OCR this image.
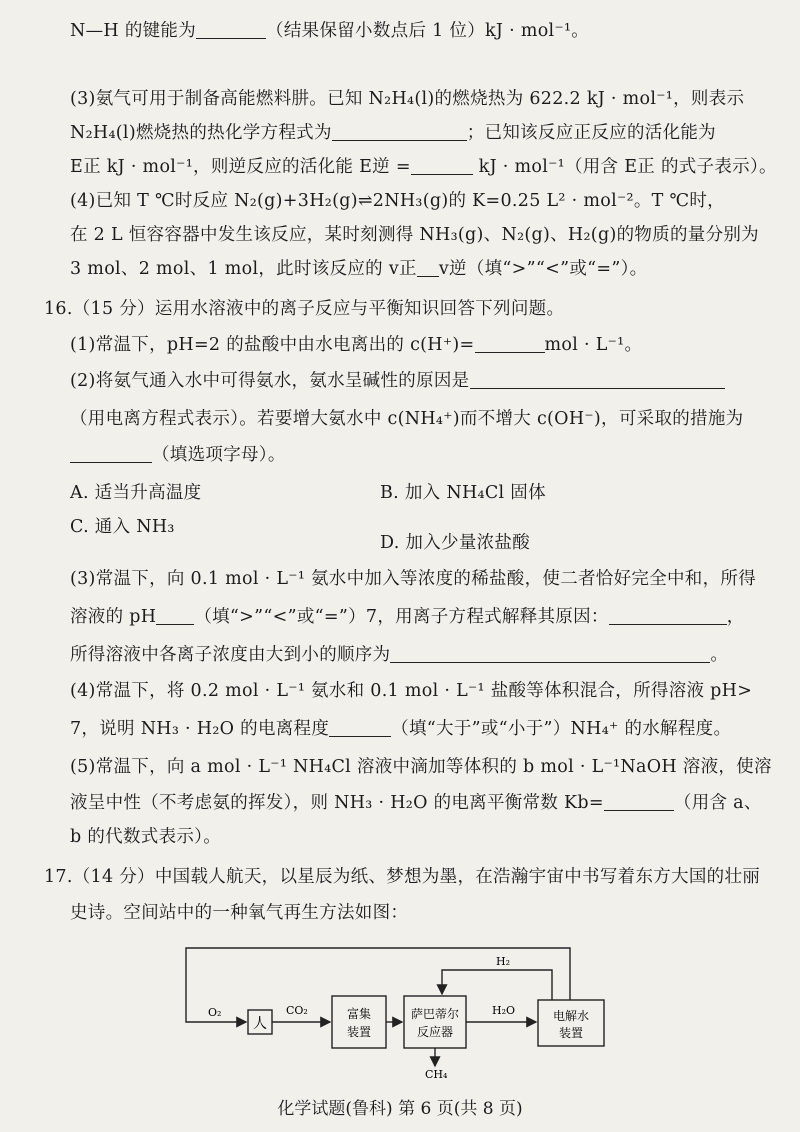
N—H 的键能为	（结果保留小数点后 1 位）kJ · mol⁻¹。
(3)氨气可用于制备高能燃料肼。已知 N₂H₄(l)的燃烧热为 622.2 kJ · mol⁻¹，则表示
N₂H₄(l)燃烧热的热化学方程式为	；已知该反应正反应的活化能为
E正 kJ · mol⁻¹，则逆反应的活化能 E逆 =	kJ · mol⁻¹（用含 E正 的式子表示）。
(4)已知 T ℃时反应 N₂(g)+3H₂(g)⇌2NH₃(g)的 K=0.25 L² · mol⁻²。T ℃时，
在 2 L 恒容容器中发生该反应，某时刻测得 NH₃(g)、N₂(g)、H₂(g)的物质的量分别为
3 mol、2 mol、1 mol，此时该反应的 v正 v逆（填“>”“<”或“=”）。
16.（15 分）运用水溶液中的离子反应与平衡知识回答下列问题。
(1)常温下，pH=2 的盐酸中由水电离出的 c(H⁺)=	mol · L⁻¹。
(2)将氨气通入水中可得氨水，氨水呈碱性的原因是
（用电离方程式表示）。若要增大氨水中 c(NH₄⁺)而不增大 c(OH⁻)，可采取的措施为
（填选项字母）。
A. 适当升高温度	B. 加入 NH₄Cl 固体
C. 通入 NH₃
D. 加入少量浓盐酸
(3)常温下，向 0.1 mol · L⁻¹ 氨水中加入等浓度的稀盐酸，使二者恰好完全中和，所得
溶液的 pH （填“>”“<”或“=”）7，用离子方程式解释其原因：	，
所得溶液中各离子浓度由大到小的顺序为	。
(4)常温下，将 0.2 mol · L⁻¹ 氨水和 0.1 mol · L⁻¹ 盐酸等体积混合，所得溶液 pH>
7，说明 NH₃ · H₂O 的电离程度	（填“大于”或“小于”）NH₄⁺ 的水解程度。
(5)常温下，向 a mol · L⁻¹ NH₄Cl 溶液中滴加等体积的 b mol · L⁻¹NaOH 溶液，使溶
液呈中性（不考虑氨的挥发），则 NH₃ · H₂O 的电离平衡常数 Kb=	（用含 a、
b 的代数式表示）。
17.（14 分）中国载人航天，以星辰为纸、梦想为墨，在浩瀚宇宙中书写着东方大国的壮丽
史诗。空间站中的一种氧气再生方法如图：
O₂
人
CO₂	富集
装置
萨巴蒂尔
反应器
H₂O	电解水
装置
H₂
CH₄
化学试题(鲁科) 第 6 页(共 8 页)
